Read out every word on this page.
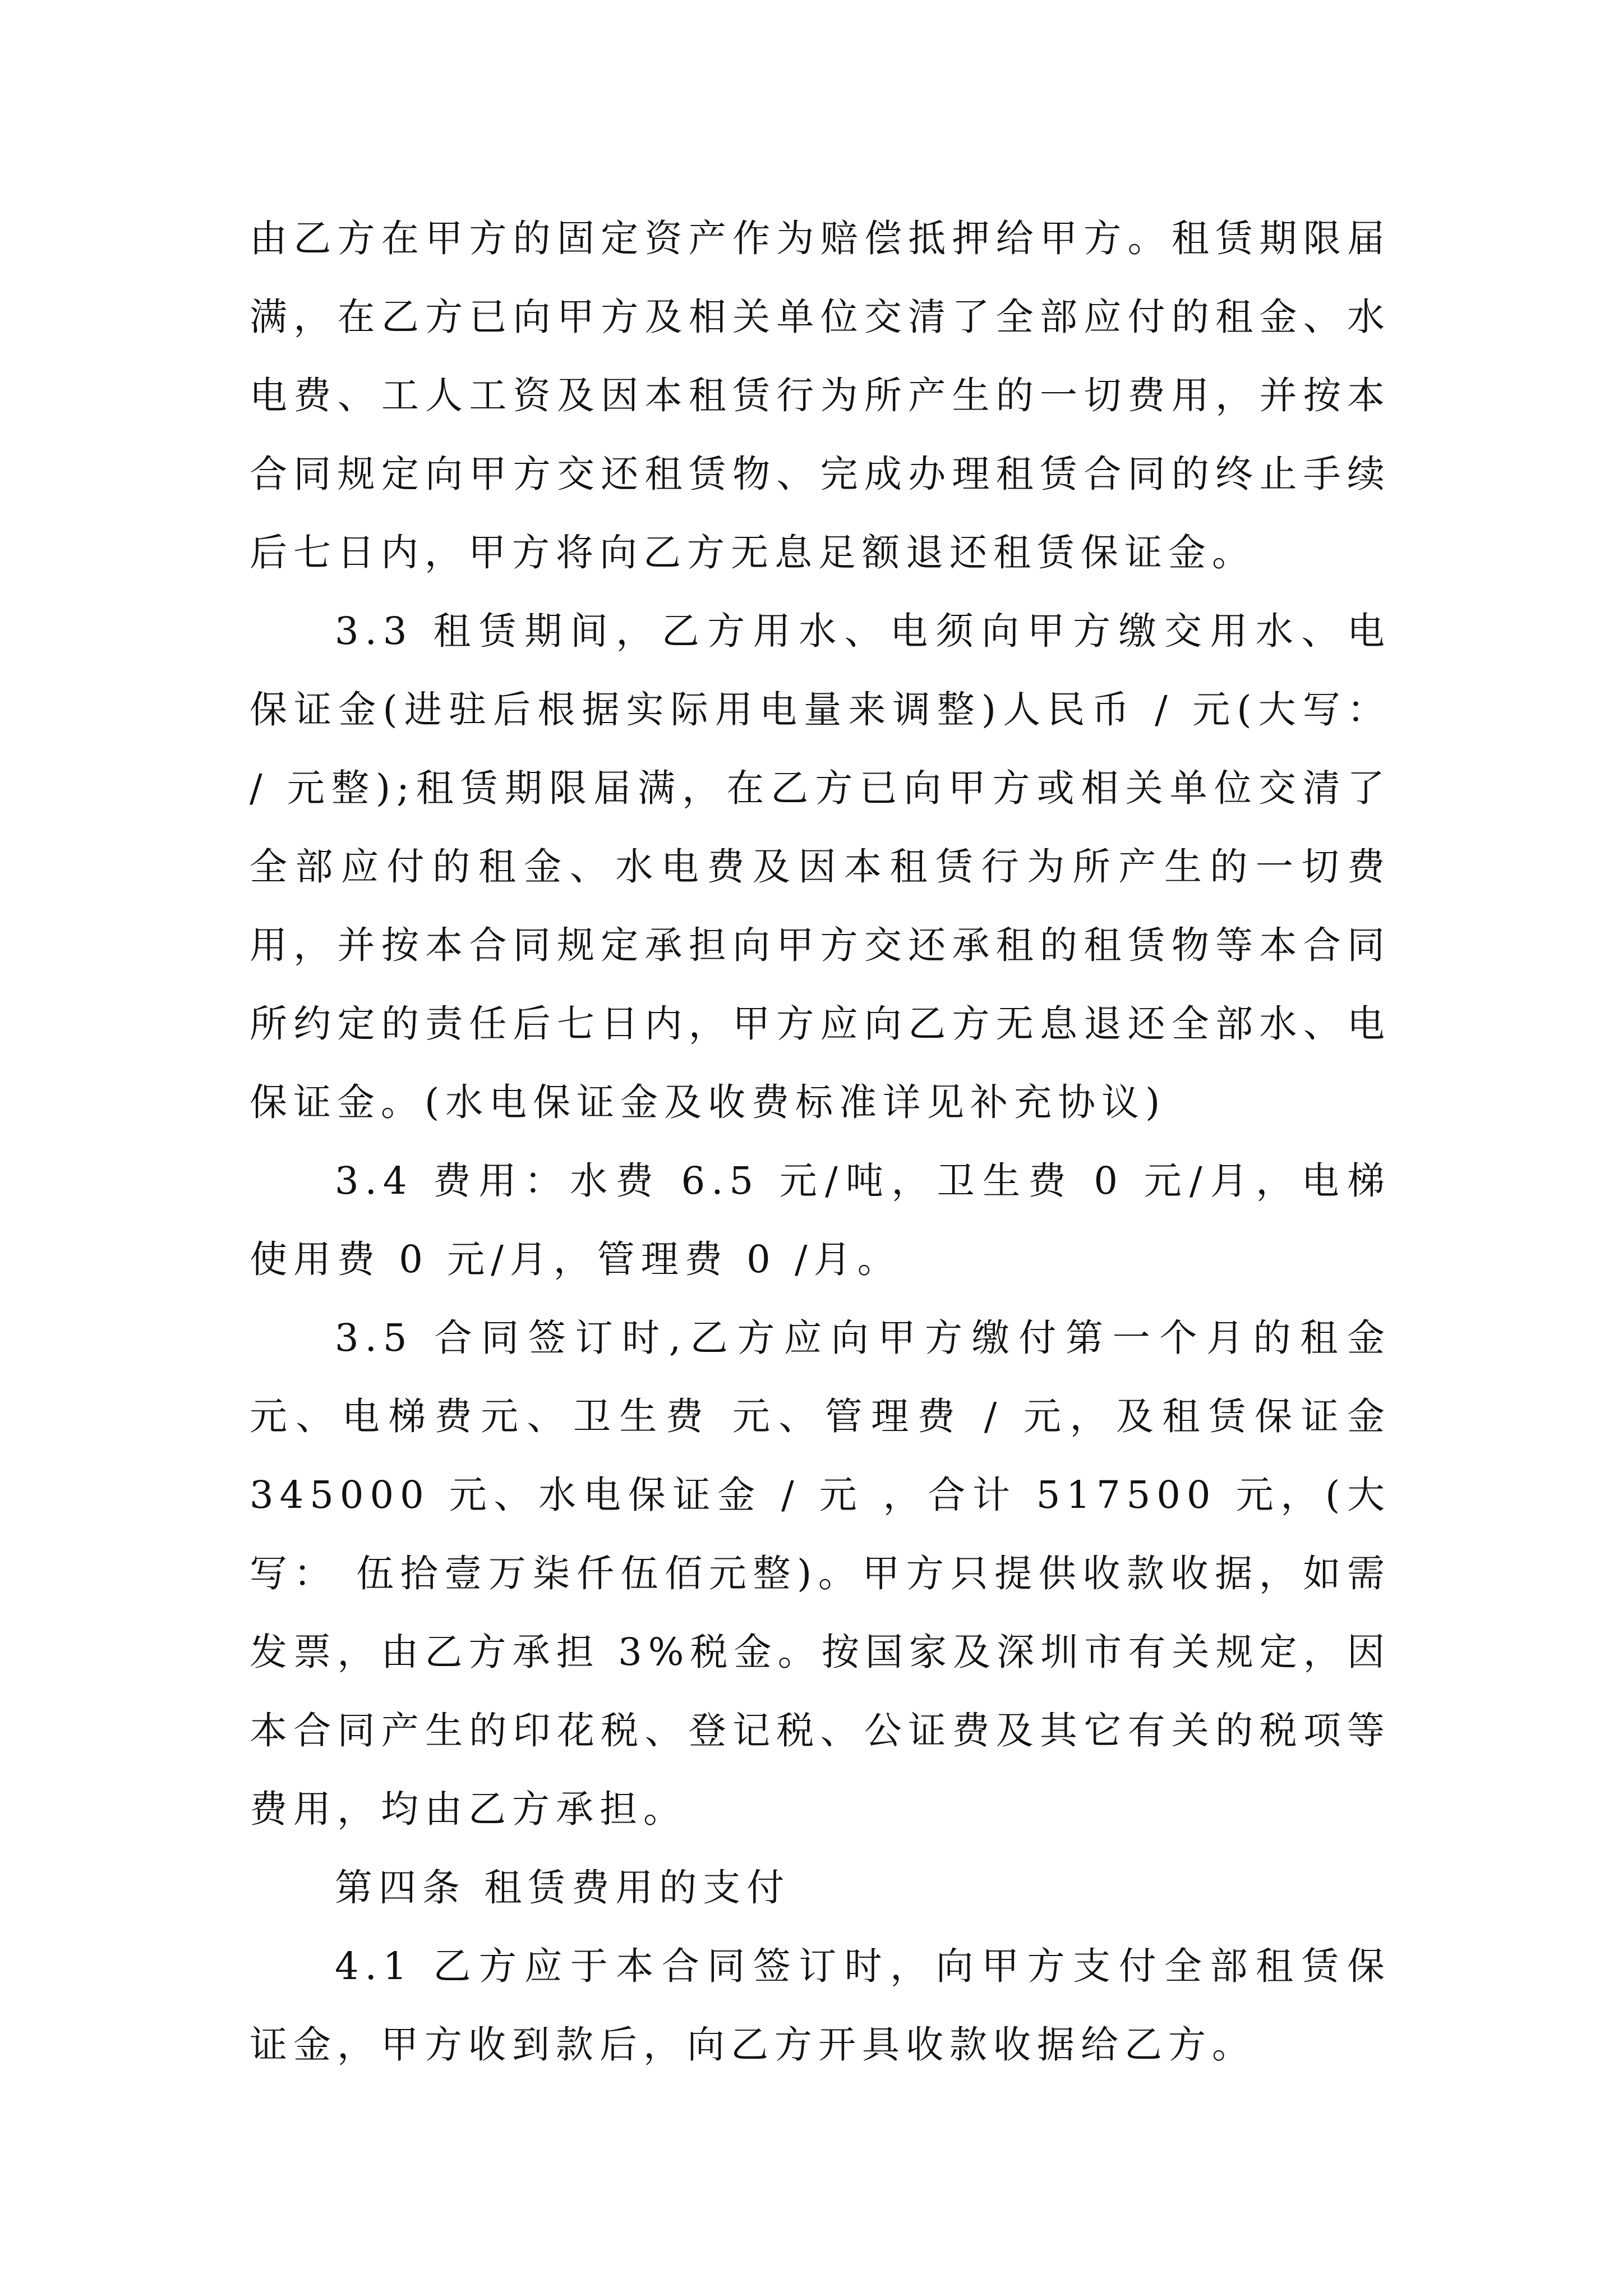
由乙方在甲方的固定资产作为赔偿抵押给甲方。租赁期限届满，在乙方已向甲方及相关单位交清了全部应付的租金、水电费、工人工资及因本租赁行为所产生的一切费用，并按本合同规定向甲方交还租赁物、完成办理租赁合同的终止手续后七日内，甲方将向乙方无息足额退还租赁保证金。

3.3 租赁期间，乙方用水、电须向甲方缴交用水、电保证金(进驻后根据实际用电量来调整)人民币 / 元(大写： / 元整);租赁期限届满，在乙方已向甲方或相关单位交清了全部应付的租金、水电费及因本租赁行为所产生的一切费用，并按本合同规定承担向甲方交还承租的租赁物等本合同所约定的责任后七日内，甲方应向乙方无息退还全部水、电保证金。(水电保证金及收费标准详见补充协议)

3.4 费用：水费 6.5 元/吨，卫生费 0 元/月，电梯使用费 0 元/月，管理费 0 /月。

3.5 合同签订时,乙方应向甲方缴付第一个月的租金元、电梯费元、卫生费 元、管理费 / 元，及租赁保证金 345000 元、水电保证金 / 元 ，合计 517500 元，(大写： 伍拾壹万柒仟伍佰元整)。甲方只提供收款收据，如需发票，由乙方承担 3%税金。按国家及深圳市有关规定，因本合同产生的印花税、登记税、公证费及其它有关的税项等费用，均由乙方承担。

第四条 租赁费用的支付

4.1 乙方应于本合同签订时，向甲方支付全部租赁保证金，甲方收到款后，向乙方开具收款收据给乙方。
